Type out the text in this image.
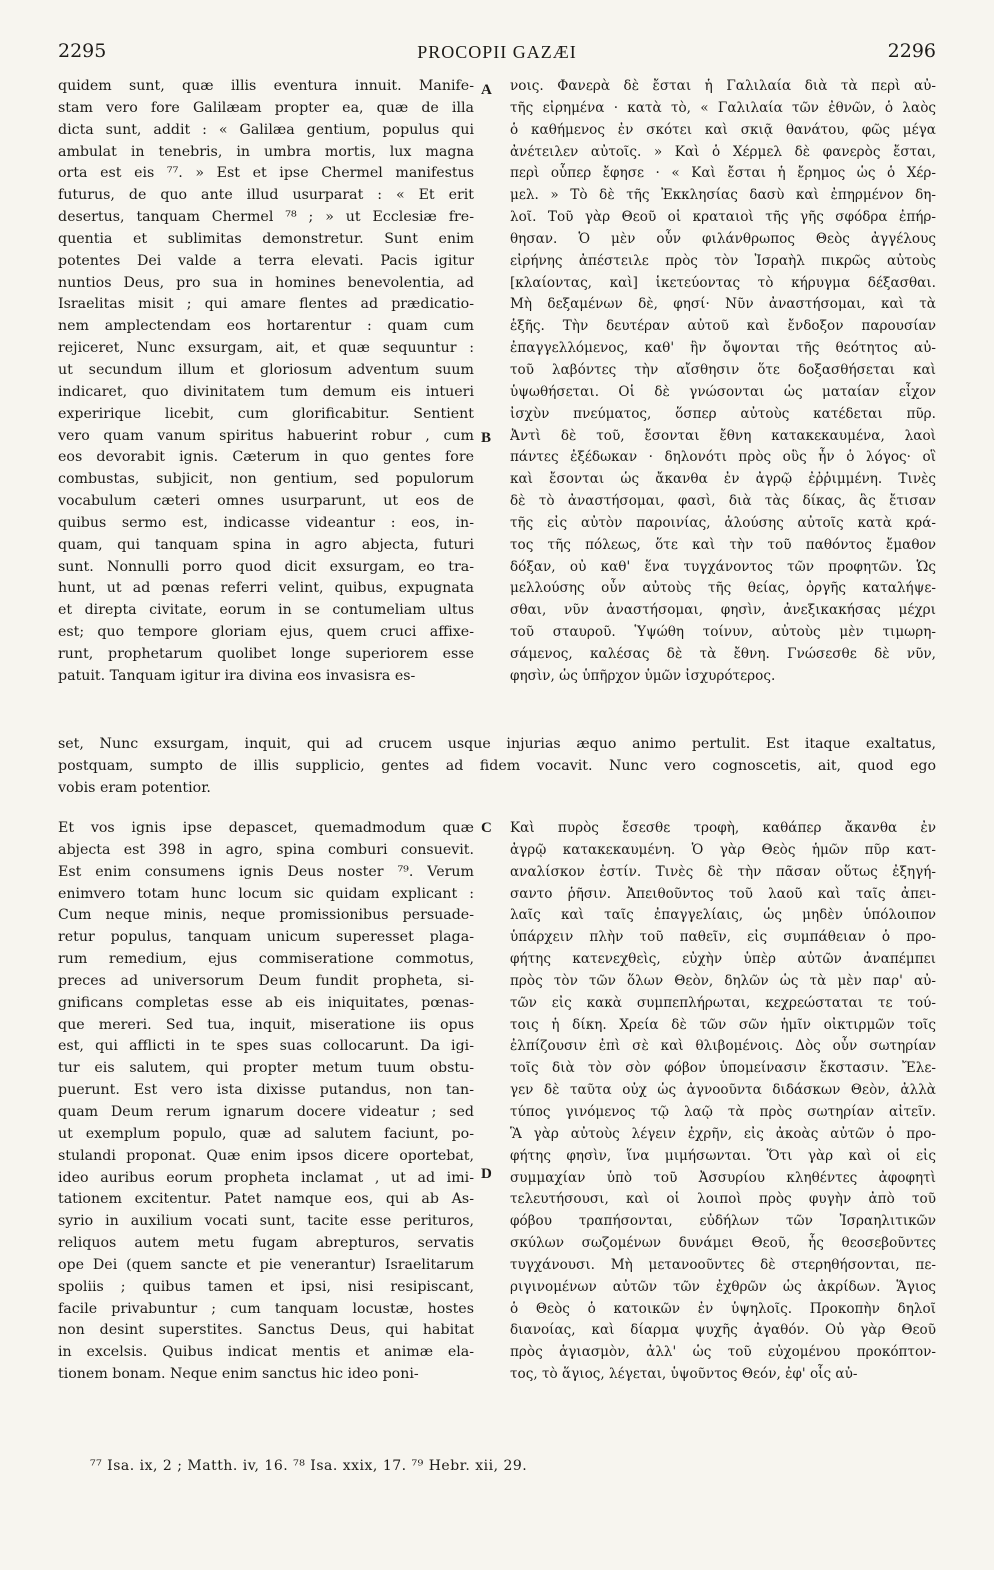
2295	PROCOPII GAZÆI	2296
A
B
C
D
quidem sunt, quæ illis eventura innuit. Manife-
stam vero fore Galilæam propter ea, quæ de illa
dicta sunt, addit : « Galilæa gentium, populus qui
ambulat in tenebris, in umbra mortis, lux magna
orta est eis ⁷⁷. » Est et ipse Chermel manifestus
futurus, de quo ante illud usurparat : « Et erit
desertus, tanquam Chermel ⁷⁸ ; » ut Ecclesiæ fre-
quentia et sublimitas demonstretur. Sunt enim
potentes Dei valde a terra elevati. Pacis igitur
nuntios Deus, pro sua in homines benevolentia, ad
Israelitas misit ; qui amare flentes ad prædicatio-
nem amplectendam eos hortarentur : quam cum
rejiceret, Nunc exsurgam, ait, et quæ sequuntur :
ut secundum illum et gloriosum adventum suum
indicaret, quo divinitatem tum demum eis intueri
experirique licebit, cum glorificabitur. Sentient
vero quam vanum spiritus habuerint robur , cum
eos devorabit ignis. Cæterum in quo gentes fore
combustas, subjicit, non gentium, sed populorum
vocabulum cæteri omnes usurparunt, ut eos de
quibus sermo est, indicasse videantur : eos, in-
quam, qui tanquam spina in agro abjecta, futuri
sunt. Nonnulli porro quod dicit exsurgam, eo tra-
hunt, ut ad pœnas referri velint, quibus, expugnata
et direpta civitate, eorum in se contumeliam ultus
est; quo tempore gloriam ejus, quem cruci affixe-
runt, prophetarum quolibet longe superiorem esse
patuit. Tanquam igitur ira divina eos invasisra es-
νοις. Φανερὰ δὲ ἔσται ἡ Γαλιλαία διὰ τὰ περὶ αὐ-
τῆς εἰρημένα · κατὰ τὸ, « Γαλιλαία τῶν ἐθνῶν, ὁ λαὸς
ὁ καθήμενος ἐν σκότει καὶ σκιᾷ θανάτου, φῶς μέγα
ἀνέτειλεν αὐτοῖς. » Καὶ ὁ Χέρμελ δὲ φανερὸς ἔσται,
περὶ οὗπερ ἔφησε · « Καὶ ἔσται ἡ ἔρημος ὡς ὁ Χέρ-
μελ. » Τὸ δὲ τῆς Ἐκκλησίας δασὺ καὶ ἐπηρμένον δη-
λοῖ. Τοῦ γὰρ Θεοῦ οἱ κραταιοὶ τῆς γῆς σφόδρα ἐπήρ-
θησαν. Ὁ μὲν οὖν φιλάνθρωπος Θεὸς ἀγγέλους
εἰρήνης ἀπέστειλε πρὸς τὸν Ἰσραὴλ πικρῶς αὐτοὺς
[κλαίοντας, καὶ] ἱκετεύοντας τὸ κήρυγμα δέξασθαι.
Μὴ δεξαμένων δὲ, φησί· Νῦν ἀναστήσομαι, καὶ τὰ
ἑξῆς. Τὴν δευτέραν αὐτοῦ καὶ ἔνδοξον παρουσίαν
ἐπαγγελλόμενος, καθ' ἣν ὄψονται τῆς θεότητος αὐ-
τοῦ λαβόντες τὴν αἴσθησιν ὅτε δοξασθήσεται καὶ
ὑψωθήσεται. Οἱ δὲ γνώσονται ὡς ματαίαν εἶχον
ἰσχὺν πνεύματος, ὅσπερ αὐτοὺς κατέδεται πῦρ.
Ἀντὶ δὲ τοῦ, ἔσονται ἔθνη κατακεκαυμένα, λαοὶ
πάντες ἐξέδωκαν · δηλονότι πρὸς οὓς ἦν ὁ λόγος· οἳ
καὶ ἔσονται ὡς ἄκανθα ἐν ἀγρῷ ἐῤῥιμμένη. Τινὲς
δὲ τὸ ἀναστήσομαι, φασὶ, διὰ τὰς δίκας, ἃς ἔτισαν
τῆς εἰς αὐτὸν παροινίας, ἁλούσης αὐτοῖς κατὰ κρά-
τος τῆς πόλεως, ὅτε καὶ τὴν τοῦ παθόντος ἔμαθον
δόξαν, οὐ καθ' ἕνα τυγχάνοντος τῶν προφητῶν. Ὡς
μελλούσης οὖν αὐτοὺς τῆς θείας, ὀργῆς καταλήψε-
σθαι, νῦν ἀναστήσομαι, φησὶν, ἀνεξικακήσας μέχρι
τοῦ σταυροῦ. Ὑψώθη τοίνυν, αὐτοὺς μὲν τιμωρη-
σάμενος, καλέσας δὲ τὰ ἔθνη. Γνώσεσθε δὲ νῦν,
φησὶν, ὡς ὑπῆρχον ὑμῶν ἰσχυρότερος.
set, Nunc exsurgam, inquit, qui ad crucem usque injurias æquo animo pertulit. Est itaque exaltatus,
postquam, sumpto de illis supplicio, gentes ad fidem vocavit. Nunc vero cognoscetis, ait, quod ego
vobis eram potentior.
Et vos ignis ipse depascet, quemadmodum quæ
abjecta est 398 in agro, spina comburi consuevit.
Est enim consumens ignis Deus noster ⁷⁹. Verum
enimvero totam hunc locum sic quidam explicant :
Cum neque minis, neque promissionibus persuade-
retur populus, tanquam unicum superesset plaga-
rum remedium, ejus commiseratione commotus,
preces ad universorum Deum fundit propheta, si-
gnificans completas esse ab eis iniquitates, pœnas-
que mereri. Sed tua, inquit, miseratione iis opus
est, qui afflicti in te spes suas collocarunt. Da igi-
tur eis salutem, qui propter metum tuum obstu-
puerunt. Est vero ista dixisse putandus, non tan-
quam Deum rerum ignarum docere videatur ; sed
ut exemplum populo, quæ ad salutem faciunt, po-
stulandi proponat. Quæ enim ipsos dicere oportebat,
ideo auribus eorum propheta inclamat , ut ad imi-
tationem excitentur. Patet namque eos, qui ab As-
syrio in auxilium vocati sunt, tacite esse perituros,
reliquos autem metu fugam abrepturos, servatis
ope Dei (quem sancte et pie venerantur) Israelitarum
spoliis ; quibus tamen et ipsi, nisi resipiscant,
facile privabuntur ; cum tanquam locustæ, hostes
non desint superstites. Sanctus Deus, qui habitat
in excelsis. Quibus indicat mentis et animæ ela-
tionem bonam. Neque enim sanctus hic ideo poni-
Καὶ πυρὸς ἔσεσθε τροφὴ, καθάπερ ἄκανθα ἐν
ἀγρῷ κατακεκαυμένη. Ὁ γὰρ Θεὸς ἡμῶν πῦρ κατ-
αναλίσκον ἐστίν. Τινὲς δὲ τὴν πᾶσαν οὕτως ἐξηγή-
σαντο ῥῆσιν. Ἀπειθοῦντος τοῦ λαοῦ καὶ ταῖς ἀπει-
λαῖς καὶ ταῖς ἐπαγγελίαις, ὡς μηδὲν ὑπόλοιπον
ὑπάρχειν πλὴν τοῦ παθεῖν, εἰς συμπάθειαν ὁ προ-
φήτης κατενεχθεὶς, εὐχὴν ὑπὲρ αὐτῶν ἀναπέμπει
πρὸς τὸν τῶν ὅλων Θεὸν, δηλῶν ὡς τὰ μὲν παρ' αὐ-
τῶν εἰς κακὰ συμπεπλήρωται, κεχρεώσταται τε τού-
τοις ἡ δίκη. Χρεία δὲ τῶν σῶν ἡμῖν οἰκτιρμῶν τοῖς
ἐλπίζουσιν ἐπὶ σὲ καὶ θλιβομένοις. Δὸς οὖν σωτηρίαν
τοῖς διὰ τὸν σὸν φόβον ὑπομείνασιν ἔκστασιν. Ἔλε-
γεν δὲ ταῦτα οὐχ ὡς ἀγνοοῦντα διδάσκων Θεὸν, ἀλλὰ
τύπος γινόμενος τῷ λαῷ τὰ πρὸς σωτηρίαν αἰτεῖν.
Ἃ γὰρ αὐτοὺς λέγειν ἐχρῆν, εἰς ἀκοὰς αὐτῶν ὁ προ-
φήτης φησὶν, ἵνα μιμήσωνται. Ὅτι γὰρ καὶ οἱ εἰς
συμμαχίαν ὑπὸ τοῦ Ἀσσυρίου κληθέντες ἀφοφητὶ
τελευτήσουσι, καὶ οἱ λοιποὶ πρὸς φυγὴν ἀπὸ τοῦ
φόβου τραπήσονται, εὐδήλων τῶν Ἰσραηλιτικῶν
σκύλων σωζομένων δυνάμει Θεοῦ, ἧς θεοσεβοῦντες
τυγχάνουσι. Μὴ μετανοοῦντες δὲ στερηθήσονται, πε-
ριγινομένων αὐτῶν τῶν ἐχθρῶν ὡς ἀκρίδων. Ἅγιος
ὁ Θεὸς ὁ κατοικῶν ἐν ὑψηλοῖς. Προκοπὴν δηλοῖ
διανοίας, καὶ δίαρμα ψυχῆς ἀγαθόν. Οὐ γὰρ Θεοῦ
πρὸς ἁγιασμὸν, ἀλλ' ὡς τοῦ εὐχομένου προκόπτον-
τος, τὸ ἅγιος, λέγεται, ὑψοῦντος Θεόν, ἐφ' οἷς αὐ-
⁷⁷ Isa. ix, 2 ; Matth. iv, 16. ⁷⁸ Isa. xxix, 17. ⁷⁹ Hebr. xii, 29.
